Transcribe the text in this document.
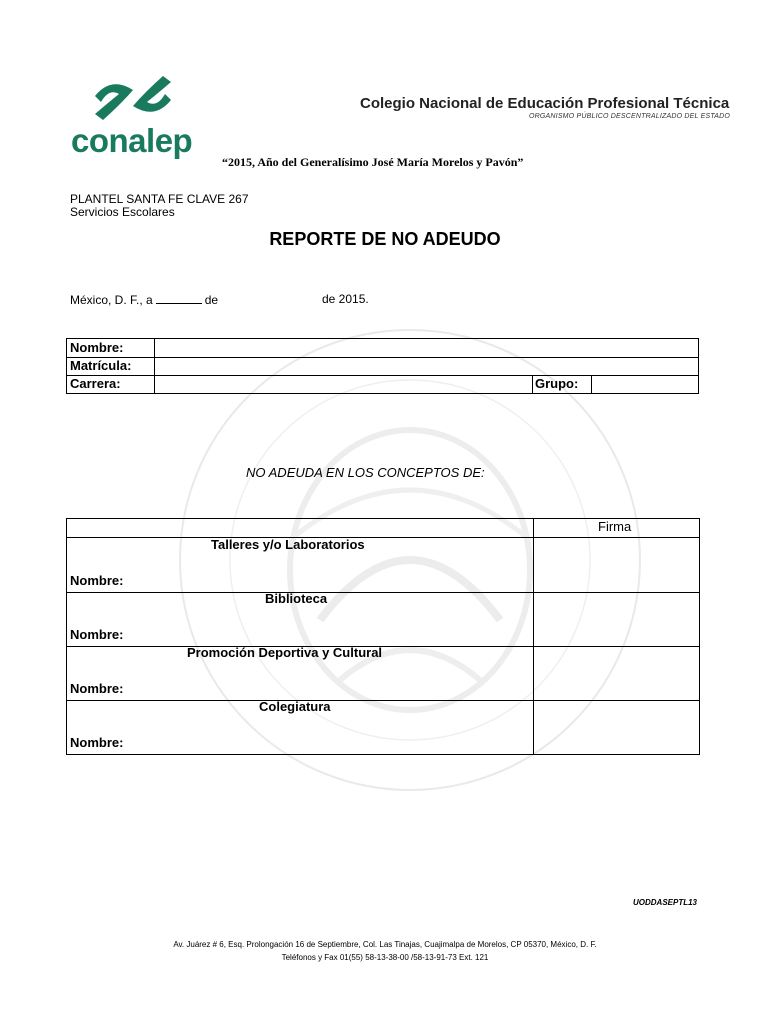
conalep
Colegio Nacional de Educación Profesional Técnica
ORGANISMO PÚBLICO DESCENTRALIZADO DEL ESTADO
“2015, Año del Generalísimo José María Morelos y Pavón”
PLANTEL SANTA FE CLAVE 267
Servicios Escolares
REPORTE DE NO ADEUDO
México, D. F., a	de	de 2015.
Nombre:
Matrícula:
Carrera:	Grupo:
NO ADEUDA EN LOS CONCEPTOS DE:
Firma
Talleres y/o Laboratorios
Nombre:
Biblioteca
Nombre:
Promoción Deportiva y Cultural
Nombre:
Colegiatura
Nombre:
UODDASEPTL13
Av. Juárez # 6, Esq. Prolongación 16 de Septiembre, Col. Las Tinajas, Cuajimalpa de Morelos, CP 05370, México, D. F.
Teléfonos y Fax 01(55) 58-13-38-00 /58-13-91-73 Ext. 121
